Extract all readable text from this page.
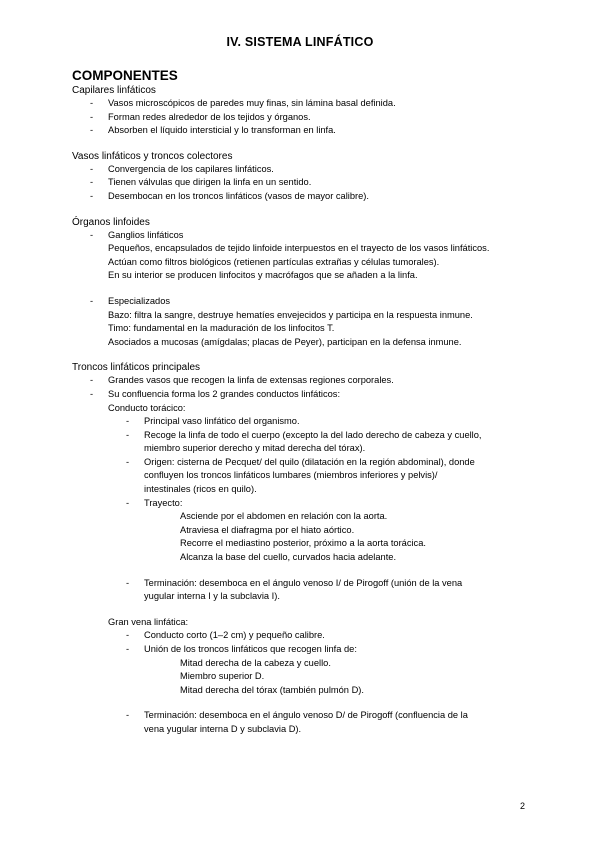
IV. SISTEMA LINFÁTICO
COMPONENTES
Capilares linfáticos
- Vasos microscópicos de paredes muy finas, sin lámina basal definida.
- Forman redes alrededor de los tejidos y órganos.
- Absorben el líquido intersticial y lo transforman en linfa.
Vasos linfáticos y troncos colectores
- Convergencia de los capilares linfáticos.
- Tienen válvulas que dirigen la linfa en un sentido.
- Desembocan en los troncos linfáticos (vasos de mayor calibre).
Órganos linfoides
- Ganglios linfáticos
Pequeños, encapsulados de tejido linfoide interpuestos en el trayecto de los vasos linfáticos.
Actúan como filtros biológicos (retienen partículas extrañas y células tumorales).
En su interior se producen linfocitos y macrófagos que se añaden a la linfa.
- Especializados
Bazo: filtra la sangre, destruye hematíes envejecidos y participa en la respuesta inmune.
Timo: fundamental en la maduración de los linfocitos T.
Asociados a mucosas (amígdalas; placas de Peyer), participan en la defensa inmune.
Troncos linfáticos principales
- Grandes vasos que recogen la linfa de extensas regiones corporales.
- Su confluencia forma los 2 grandes conductos linfáticos:
Conducto torácico:
- Principal vaso linfático del organismo.
- Recoge la linfa de todo el cuerpo (excepto la del lado derecho de cabeza y cuello,
miembro superior derecho y mitad derecha del tórax).
- Origen: cisterna de Pecquet/ del quilo (dilatación en la región abdominal), donde
confluyen los troncos linfáticos lumbares (miembros inferiores y pelvis)/
intestinales (ricos en quilo).
- Trayecto:
Asciende por el abdomen en relación con la aorta.
Atraviesa el diafragma por el hiato aórtico.
Recorre el mediastino posterior, próximo a la aorta torácica.
Alcanza la base del cuello, curvados hacia adelante.
- Terminación: desemboca en el ángulo venoso I/ de Pirogoff (unión de la vena
yugular interna I y la subclavia I).
Gran vena linfática:
- Conducto corto (1–2 cm) y pequeño calibre.
- Unión de los troncos linfáticos que recogen linfa de:
Mitad derecha de la cabeza y cuello.
Miembro superior D.
Mitad derecha del tórax (también pulmón D).
- Terminación: desemboca en el ángulo venoso D/ de Pirogoff (confluencia de la
vena yugular interna D y subclavia D).
2
